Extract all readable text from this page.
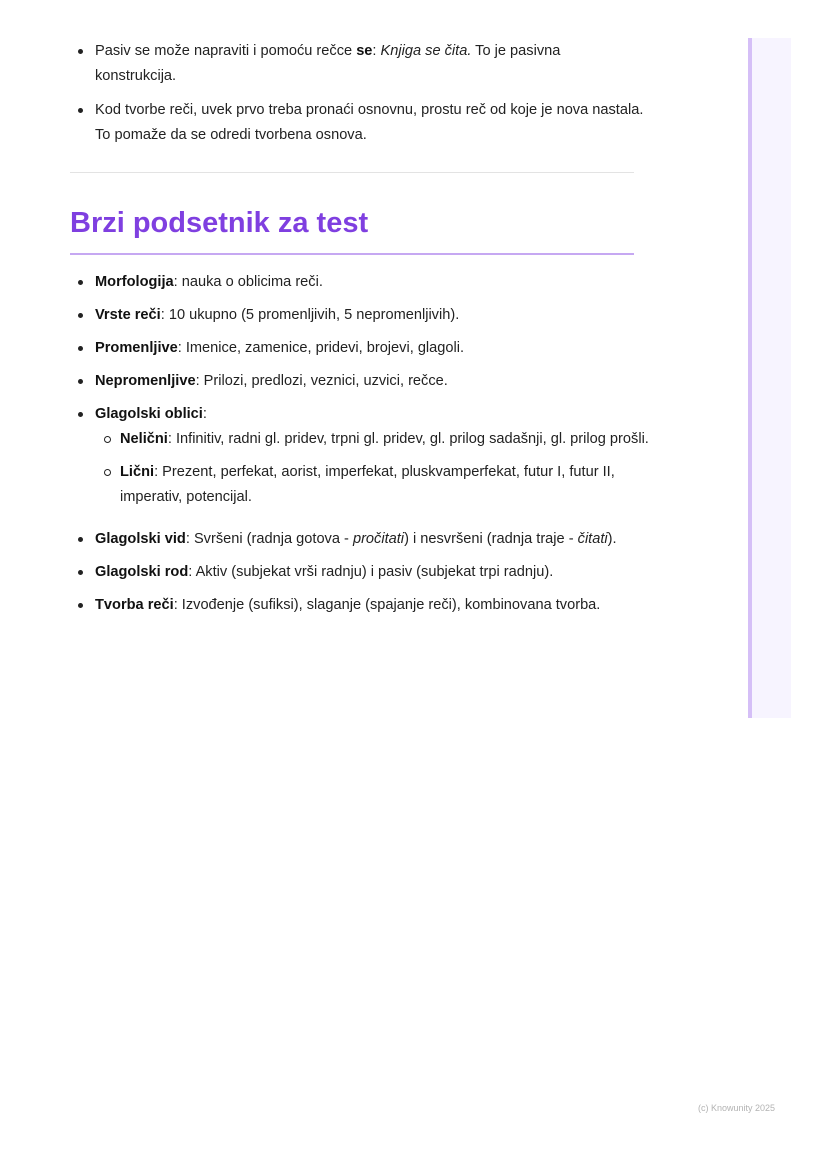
Pasiv se može napraviti i pomoću rečce se: Knjiga se čita. To je pasivna konstrukcija.
Kod tvorbe reči, uvek prvo treba pronaći osnovnu, prostu reč od koje je nova nastala. To pomaže da se odredi tvorbena osnova.
Brzi podsetnik za test
Morfologija: nauka o oblicima reči.
Vrste reči: 10 ukupno (5 promenljivih, 5 nepromenljivih).
Promenljive: Imenice, zamenice, pridevi, brojevi, glagoli.
Nepromenljive: Prilozi, predlozi, veznici, uzvici, rečce.
Glagolski oblici:
Nelični: Infinitiv, radni gl. pridev, trpni gl. pridev, gl. prilog sadašnji, gl. prilog prošli.
Lični: Prezent, perfekat, aorist, imperfekat, pluskvamperfekat, futur I, futur II, imperativ, potencijal.
Glagolski vid: Svršeni (radnja gotova - pročitati) i nesvršeni (radnja traje - čitati).
Glagolski rod: Aktiv (subjekat vrši radnju) i pasiv (subjekat trpi radnju).
Tvorba reči: Izvođenje (sufiksi), slaganje (spajanje reči), kombinovana tvorba.
(c) Knowunity 2025
